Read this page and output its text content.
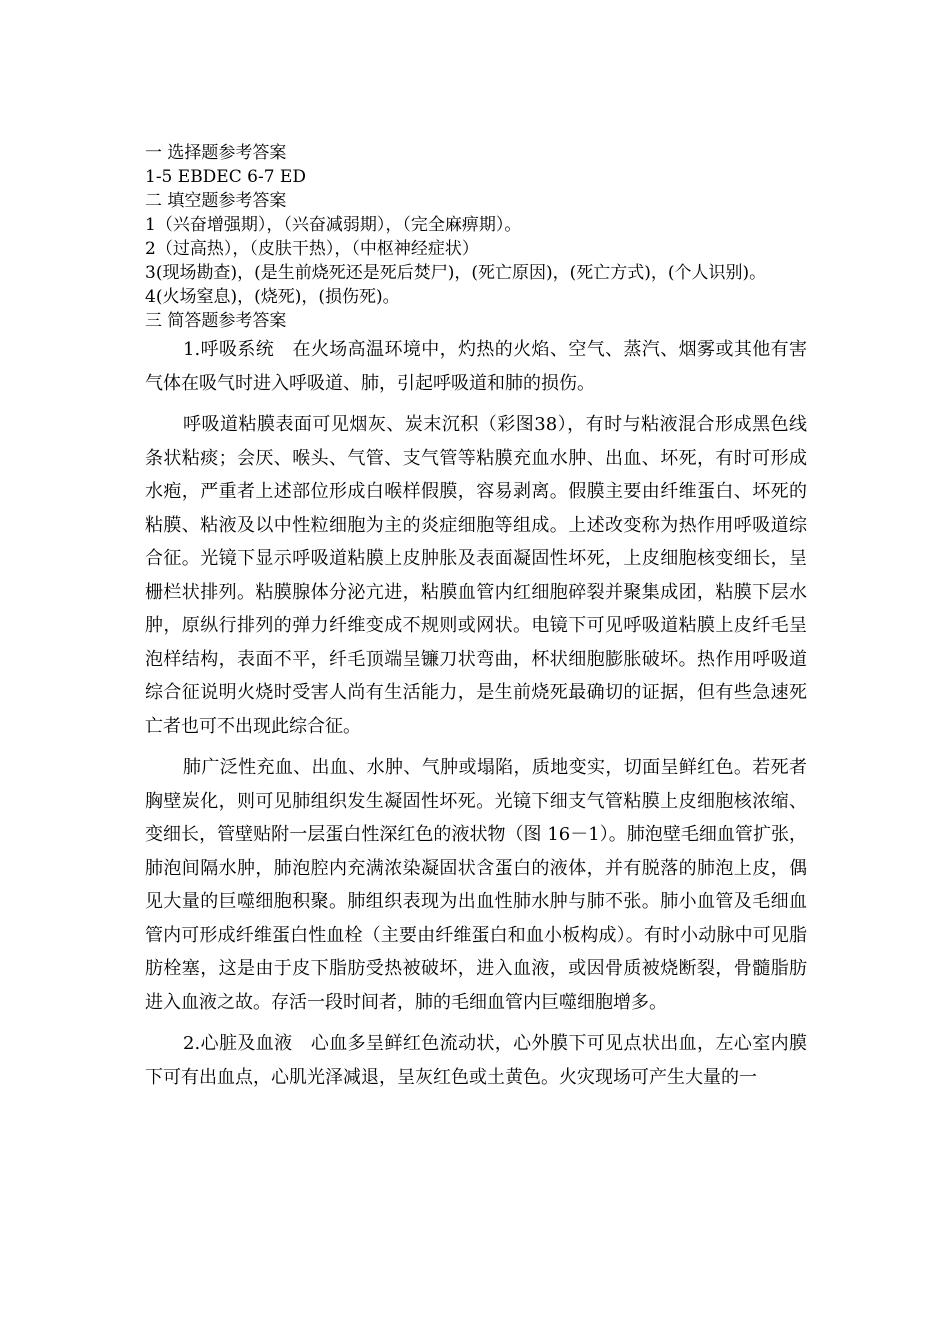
一 选择题参考答案
1-5 EBDEC 6-7 ED
二 填空题参考答案
1（兴奋增强期），（兴奋减弱期），（完全麻痹期）。
2（过高热），（皮肤干热），（中枢神经症状）
3(现场勘查)，(是生前烧死还是死后焚尸)，(死亡原因)，(死亡方式)，(个人识别)。
4(火场窒息)，(烧死)，(损伤死)。
三 简答题参考答案

1.呼吸系统　在火场高温环境中，灼热的火焰、空气、蒸汽、烟雾或其他有害气体在吸气时进入呼吸道、肺，引起呼吸道和肺的损伤。

呼吸道粘膜表面可见烟灰、炭末沉积（彩图38），有时与粘液混合形成黑色线条状粘痰；会厌、喉头、气管、支气管等粘膜充血水肿、出血、坏死，有时可形成水疱，严重者上述部位形成白喉样假膜，容易剥离。假膜主要由纤维蛋白、坏死的粘膜、粘液及以中性粒细胞为主的炎症细胞等组成。上述改变称为热作用呼吸道综合征。光镜下显示呼吸道粘膜上皮肿胀及表面凝固性坏死，上皮细胞核变细长，呈栅栏状排列。粘膜腺体分泌亢进，粘膜血管内红细胞碎裂并聚集成团，粘膜下层水肿，原纵行排列的弹力纤维变成不规则或网状。电镜下可见呼吸道粘膜上皮纤毛呈泡样结构，表面不平，纤毛顶端呈镰刀状弯曲，杯状细胞膨胀破坏。热作用呼吸道综合征说明火烧时受害人尚有生活能力，是生前烧死最确切的证据，但有些急速死亡者也可不出现此综合征。

肺广泛性充血、出血、水肿、气肿或塌陷，质地变实，切面呈鲜红色。若死者胸壁炭化，则可见肺组织发生凝固性坏死。光镜下细支气管粘膜上皮细胞核浓缩、变细长，管壁贴附一层蛋白性深红色的液状物（图 16－1）。肺泡壁毛细血管扩张，肺泡间隔水肿，肺泡腔内充满浓染凝固状含蛋白的液体，并有脱落的肺泡上皮，偶见大量的巨噬细胞积聚。肺组织表现为出血性肺水肿与肺不张。肺小血管及毛细血管内可形成纤维蛋白性血栓（主要由纤维蛋白和血小板构成）。有时小动脉中可见脂肪栓塞，这是由于皮下脂肪受热被破坏，进入血液，或因骨质被烧断裂，骨髓脂肪进入血液之故。存活一段时间者，肺的毛细血管内巨噬细胞增多。

2.心脏及血液　心血多呈鲜红色流动状，心外膜下可见点状出血，左心室内膜下可有出血点，心肌光泽减退，呈灰红色或土黄色。火灾现场可产生大量的一
